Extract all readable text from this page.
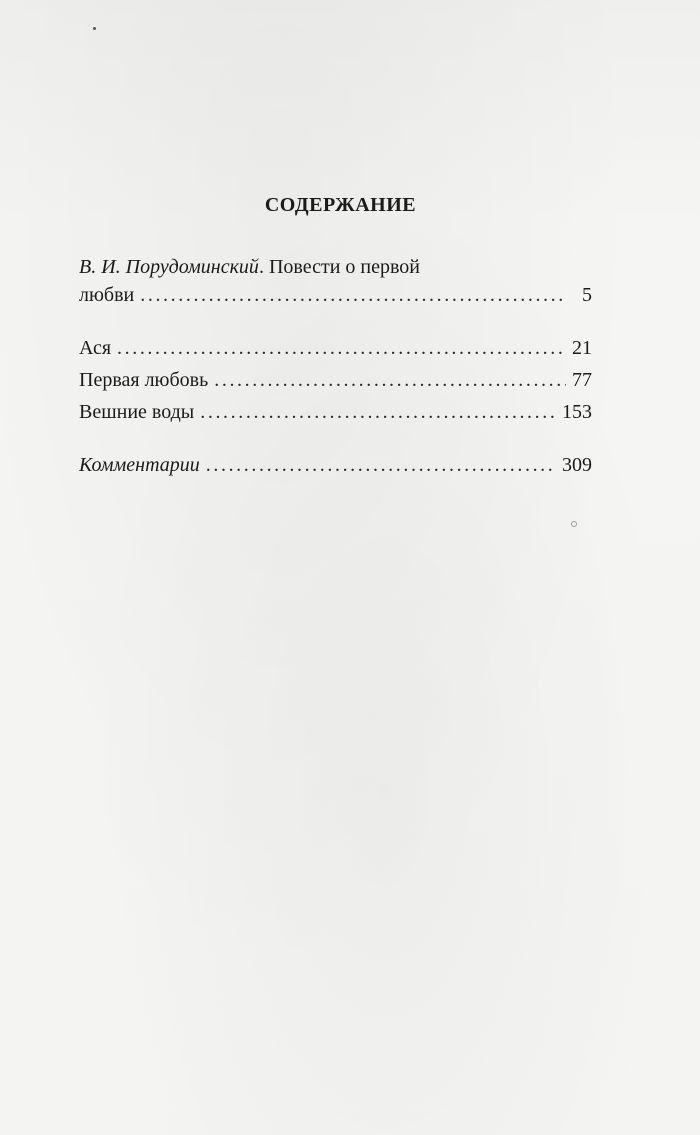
СОДЕРЖАНИЕ
В. И. Порудоминский. Повести о первой
любви .....	5
Ася .....	21
Первая любовь .....	77
Вешние воды .....	153
Комментарии .....	309
